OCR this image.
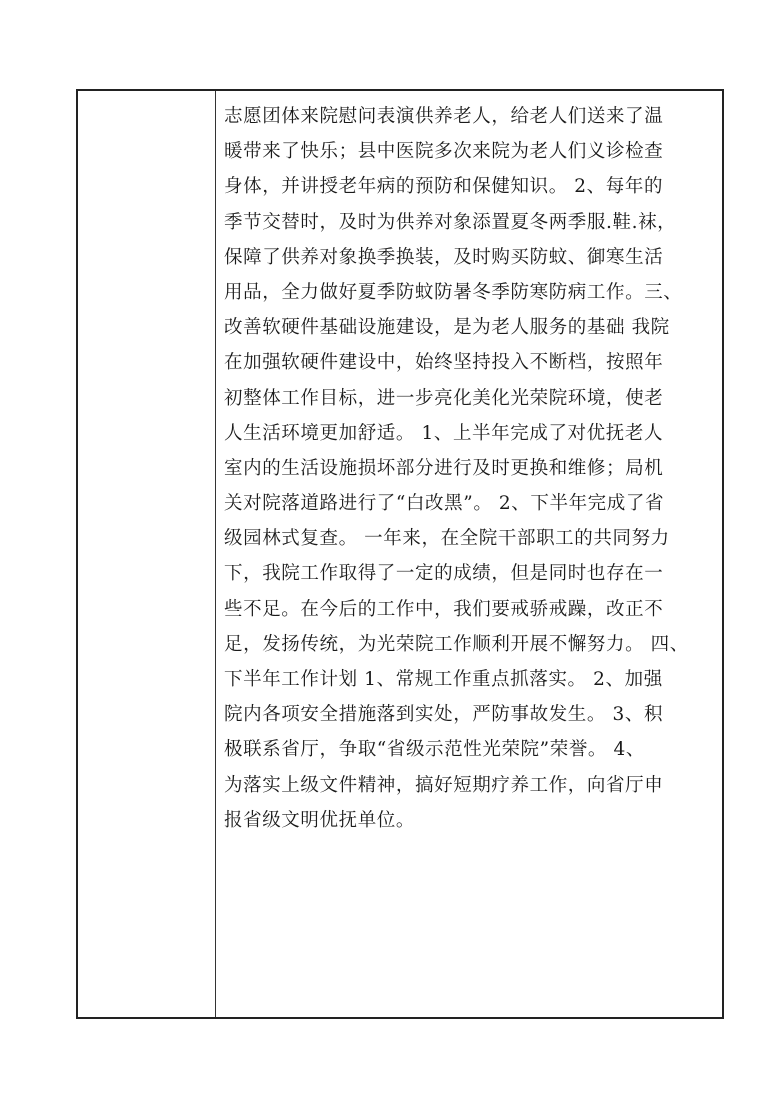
志愿团体来院慰问表演供养老人，给老人们送来了温
暖带来了快乐；县中医院多次来院为老人们义诊检查
身体，并讲授老年病的预防和保健知识。 2、每年的
季节交替时，及时为供养对象添置夏冬两季服.鞋.袜，
保障了供养对象换季换装，及时购买防蚊、御寒生活
用品，全力做好夏季防蚊防暑冬季防寒防病工作。三、
改善软硬件基础设施建设，是为老人服务的基础 我院
在加强软硬件建设中，始终坚持投入不断档，按照年
初整体工作目标，进一步亮化美化光荣院环境，使老
人生活环境更加舒适。 1、上半年完成了对优抚老人
室内的生活设施损坏部分进行及时更换和维修；局机
关对院落道路进行了“白改黑”。 2、下半年完成了省
级园林式复查。 一年来，在全院干部职工的共同努力
下，我院工作取得了一定的成绩，但是同时也存在一
些不足。在今后的工作中，我们要戒骄戒躁，改正不
足，发扬传统，为光荣院工作顺利开展不懈努力。 四、
下半年工作计划 1、常规工作重点抓落实。 2、加强
院内各项安全措施落到实处，严防事故发生。 3、积
极联系省厅，争取“省级示范性光荣院”荣誉。 4、
为落实上级文件精神，搞好短期疗养工作，向省厅申
报省级文明优抚单位。
